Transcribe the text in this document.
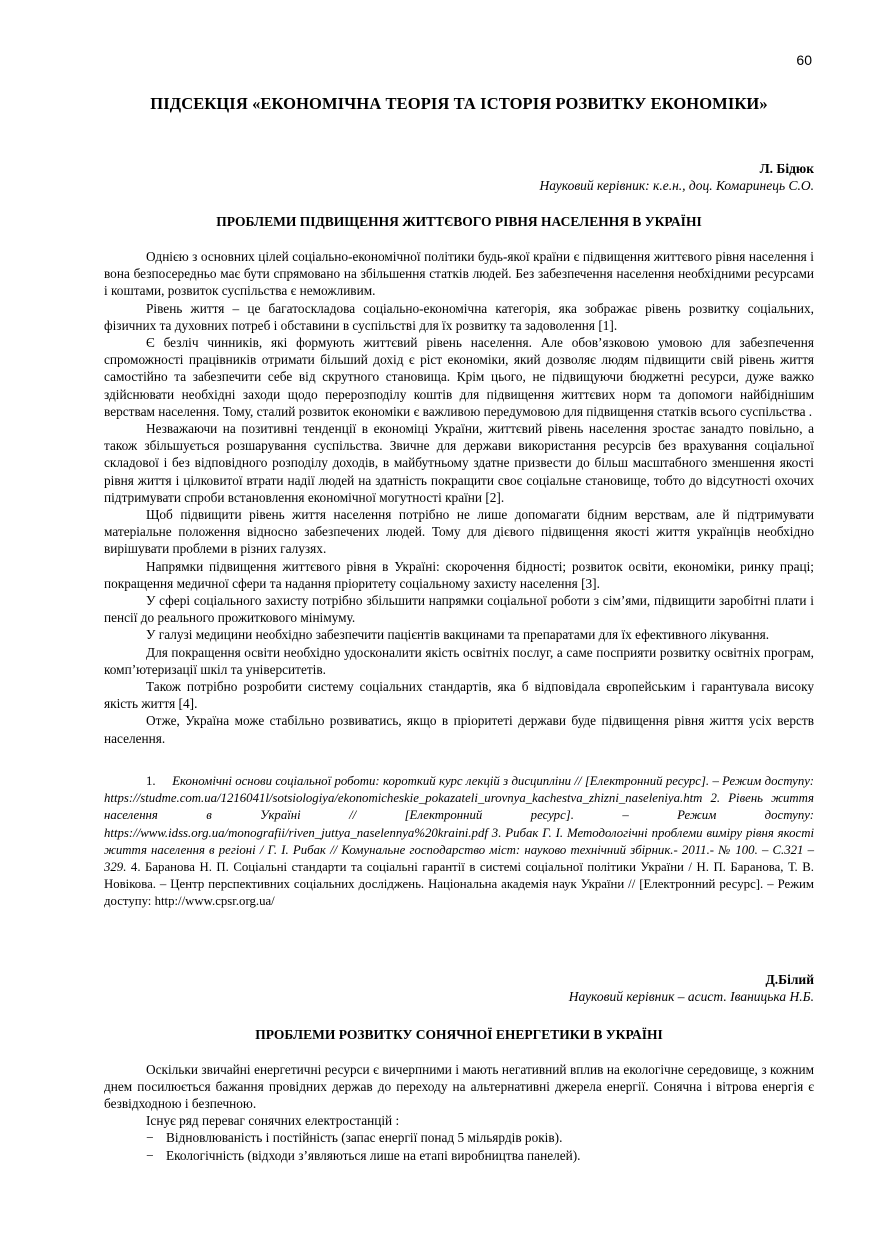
60
ПІДСЕКЦІЯ «ЕКОНОМІЧНА ТЕОРІЯ ТА ІСТОРІЯ РОЗВИТКУ ЕКОНОМІКИ»

Л. Бідюк

Науковий керівник: к.е.н., доц. Комаринець С.О.

ПРОБЛЕМИ ПІДВИЩЕННЯ ЖИТТЄВОГО РІВНЯ НАСЕЛЕННЯ В УКРАЇНІ

Однією з основних цілей соціально-економічної політики будь-якої країни є підвищення життєвого рівня населення і вона безпосередньо має бути спрямовано на збільшення статків людей. Без забезпечення населення необхідними ресурсами і коштами, розвиток суспільства є неможливим.

Рівень життя – це багатоскладова соціально-економічна категорія, яка зображає рівень розвитку соціальних, фізичних та духовних потреб і обставини в суспільстві для їх розвитку та задоволення [1].

Є безліч чинників, які формують життєвий рівень населення. Але обов’язковою умовою для забезпечення спроможності працівників отримати більший дохід є ріст економіки, який дозволяє людям підвищити свій рівень життя самостійно та забезпечити себе від скрутного становища. Крім цього, не підвищуючи бюджетні ресурси, дуже важко здійснювати необхідні заходи щодо перерозподілу коштів для підвищення життєвих норм та допомоги найбіднішим верствам населення. Тому, сталий розвиток економіки є важливою передумовою для підвищення статків всього суспільства .

Незважаючи на позитивні тенденції в економіці України, життєвий рівень населення зростає занадто повільно, а також збільшується розшарування суспільства. Звичне для держави використання ресурсів без врахування соціальної складової і без відповідного розподілу доходів, в майбутньому здатне призвести до більш масштабного зменшення якості рівня життя і цілковитої втрати надії людей на здатність покращити своє соціальне становище, тобто до відсутності охочих підтримувати спроби встановлення економічної могутності країни [2].

Щоб підвищити рівень життя населення потрібно не лише допомагати бідним верствам, але й підтримувати матеріальне положення відносно забезпечених людей. Тому для дієвого підвищення якості життя українців необхідно вирішувати проблеми в різних галузях.

Напрямки підвищення життєвого рівня в Україні: скорочення бідності; розвиток освіти, економіки, ринку праці; покращення медичної сфери та надання пріоритету соціальному захисту населення [3].

У сфері соціального захисту потрібно збільшити напрямки соціальної роботи з сім’ями, підвищити заробітні плати і пенсії до реального прожиткового мінімуму.

У галузі медицини необхідно забезпечити пацієнтів вакцинами та препаратами для їх ефективного лікування.

Для покращення освіти необхідно удосконалити якість освітніх послуг, а саме посприяти розвитку освітніх програм, комп’ютеризації шкіл та університетів.

Також потрібно розробити систему соціальних стандартів, яка б відповідала європейським і гарантувала високу якість життя [4].

Отже, Україна може стабільно розвиватись, якщо в пріоритеті держави буде підвищення рівня життя усіх верств населення.

1. Економічні основи соціальної роботи: короткий курс лекцій з дисципліни // [Електронний ресурс]. – Режим доступу: https://studme.com.ua/1216041l/sotsiologiya/ekonomicheskie_pokazateli_urovnya_kachestva_zhizni_naseleniya.htm 2. Рівень життя населення в Україні // [Електронний ресурс]. – Режим доступу: https://www.idss.org.ua/monografii/riven_juttya_naselennya%20kraini.pdf 3. Рибак Г. І. Методологічні проблеми виміру рівня якості життя населення в регіоні / Г. І. Рибак // Комунальне господарство міст: науково технічний збірник.- 2011.- № 100. – С.321 – 329. 4. Баранова Н. П. Соціальні стандарти та соціальні гарантії в системі соціальної політики України / Н. П. Баранова, Т. В. Новікова. – Центр перспективних соціальних досліджень. Національна академія наук України // [Електронний ресурс]. – Режим доступу: http://www.cpsr.org.ua/

Д.Білий

Науковий керівник – асист. Іваницька Н.Б.

ПРОБЛЕМИ РОЗВИТКУ СОНЯЧНОЇ ЕНЕРГЕТИКИ В УКРАЇНІ

Оскільки звичайні енергетичні ресурси є вичерпними і мають негативний вплив на екологічне середовище, з кожним днем посилюється бажання провідних держав до переходу на альтернативні джерела енергії. Сонячна і вітрова енергія є безвідходною і безпечною.

Існує ряд переваг сонячних електростанцій :

− Відновлюваність і постійність (запас енергії понад 5 мільярдів років).
− Екологічність (відходи з’являються лише на етапі виробництва панелей).
